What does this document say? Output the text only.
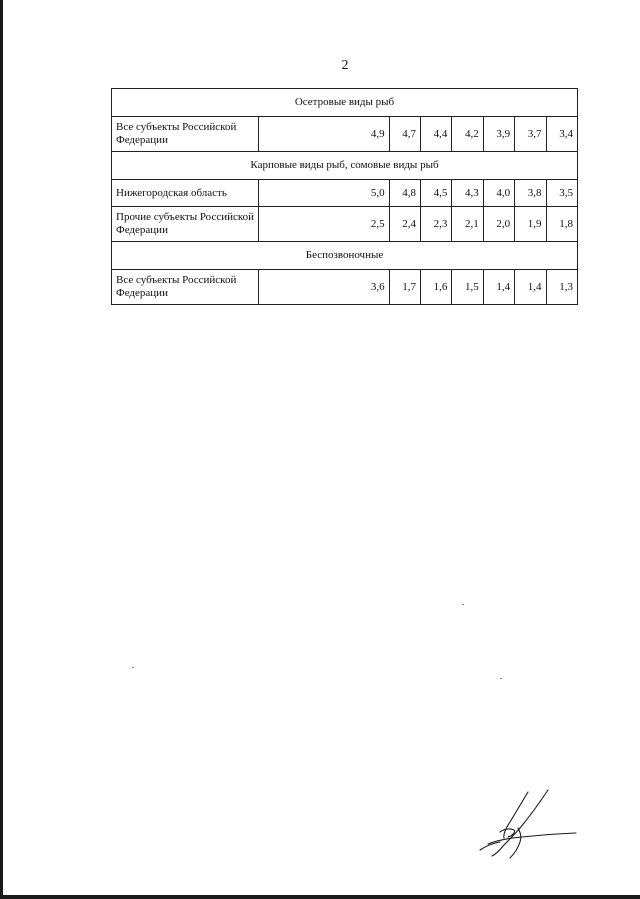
2
Осетровые виды рыб							
Все субъекты Российской Федерации	4,9	4,7	4,4	4,2	3,9	3,7	3,4
Карповые виды рыб, сомовые виды рыб							
Нижегородская область	5,0	4,8	4,5	4,3	4,0	3,8	3,5
Прочие субъекты Российской Федерации	2,5	2,4	2,3	2,1	2,0	1,9	1,8
Беспозвоночные							
Все субъекты Российской Федерации	3,6	1,7	1,6	1,5	1,4	1,4	1,3
